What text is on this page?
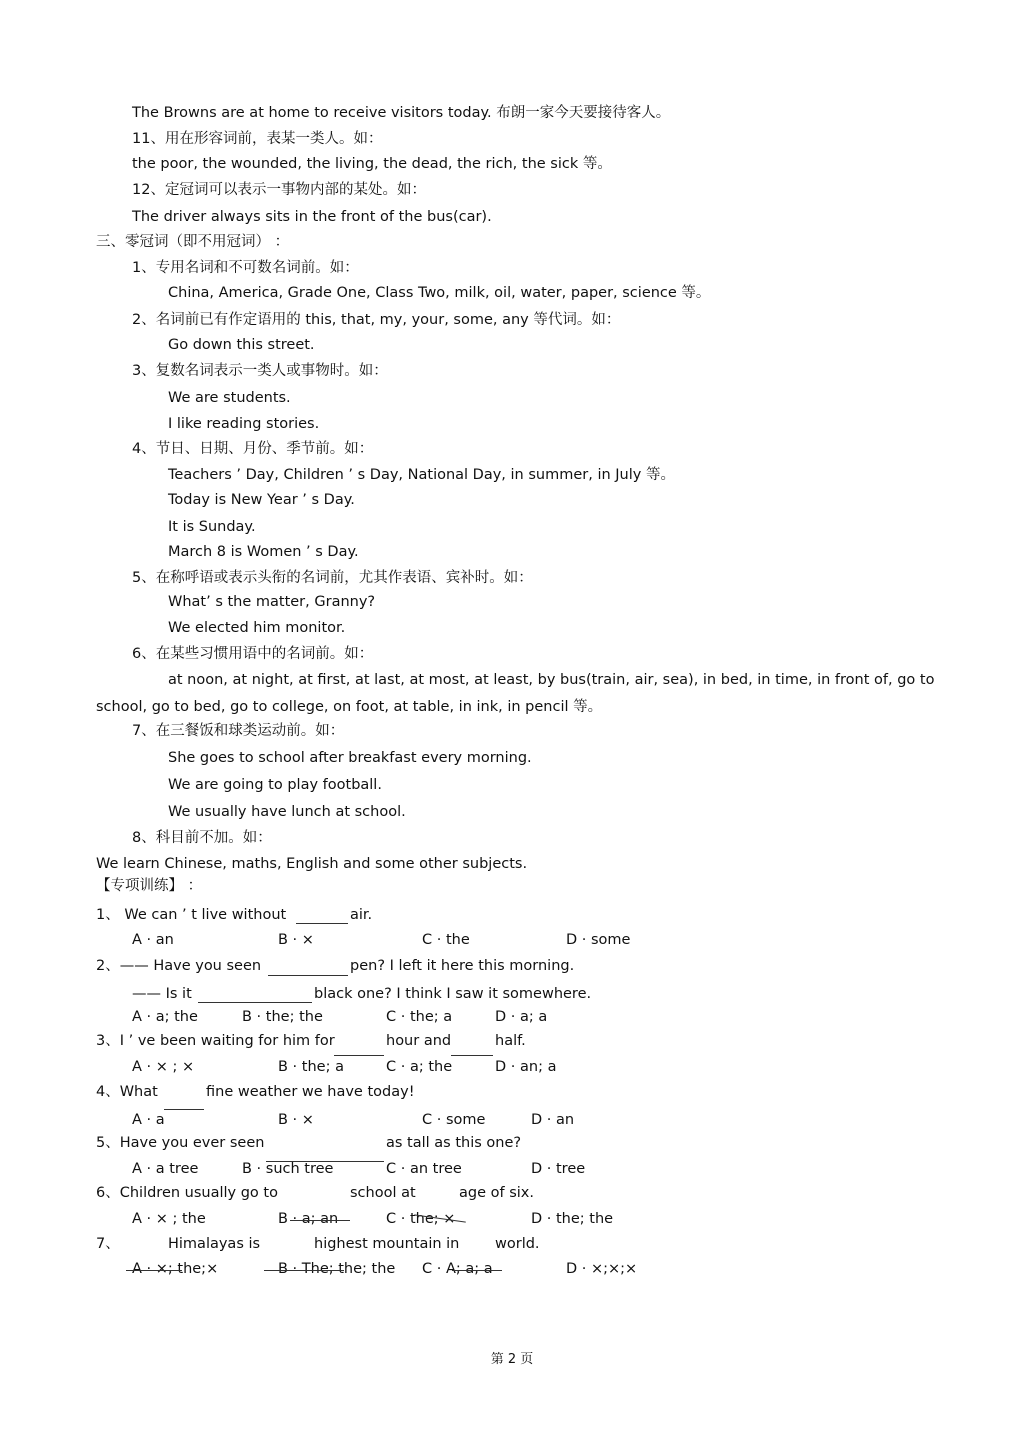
The Browns are at home to receive visitors today. 布朗一家今天要接待客人。
11、用在形容词前，表某一类人。如：
the poor, the wounded, the living, the dead, the rich, the sick 等。
12、定冠词可以表示一事物内部的某处。如：
The driver always sits in the front of the bus(car).
三、零冠词（即不用冠词） ：
1、专用名词和不可数名词前。如：
China, America, Grade One, Class Two, milk, oil, water, paper, science 等。
2、名词前已有作定语用的 this, that, my, your, some, any 等代词。如：
Go down this street.
3、复数名词表示一类人或事物时。如：
We are students.
I like reading stories.
4、节日、日期、月份、季节前。如：
Teachers ’ Day, Children ’ s Day, National Day, in summer, in July 等。
Today is New Year ’ s Day.
It is Sunday.
March 8 is Women ’ s Day.
5、在称呼语或表示头衔的名词前，尤其作表语、宾补时。如：
What’ s the matter, Granny?
We elected him monitor.
6、在某些习惯用语中的名词前。如：
at noon, at night, at first, at last, at most, at least, by bus(train, air, sea), in bed, in time, in front of, go to
school, go to bed, go to college, on foot, at table, in ink, in pencil 等。
7、在三餐饭和球类运动前。如：
She goes to school after breakfast every morning.
We are going to play football.
We usually have lunch at school.
8、科目前不加。如：
We learn Chinese, maths, English and some other subjects.
【专项训练】 ：
1、 We can ’ t live without	air.
A · an	B · ×	C · the	D · some
2、—— Have you seen	pen? I left it here this morning.
—— Is it	black one? I think I saw it somewhere.
A · a; the	B · the; the	C · the; a	D · a; a
3、I ’ ve been waiting for him for	hour and	half.
A · × ; ×	B · the; a	C · a; the	D · an; a
4、What	fine weather we have today!
A · a	B · ×	C · some	D · an
5、Have you ever seen	as tall as this one?
A · a tree	B · such tree	C · an tree	D · tree
6、Children usually go to	school at	age of six.
A · × ; the	B · a; an	C · the; ×	D · the; the
7、	Himalayas is	highest mountain in world.
A · ×; the;×	B · The; the; the C · A; a; a	D · ×;×;×
第 2 页
